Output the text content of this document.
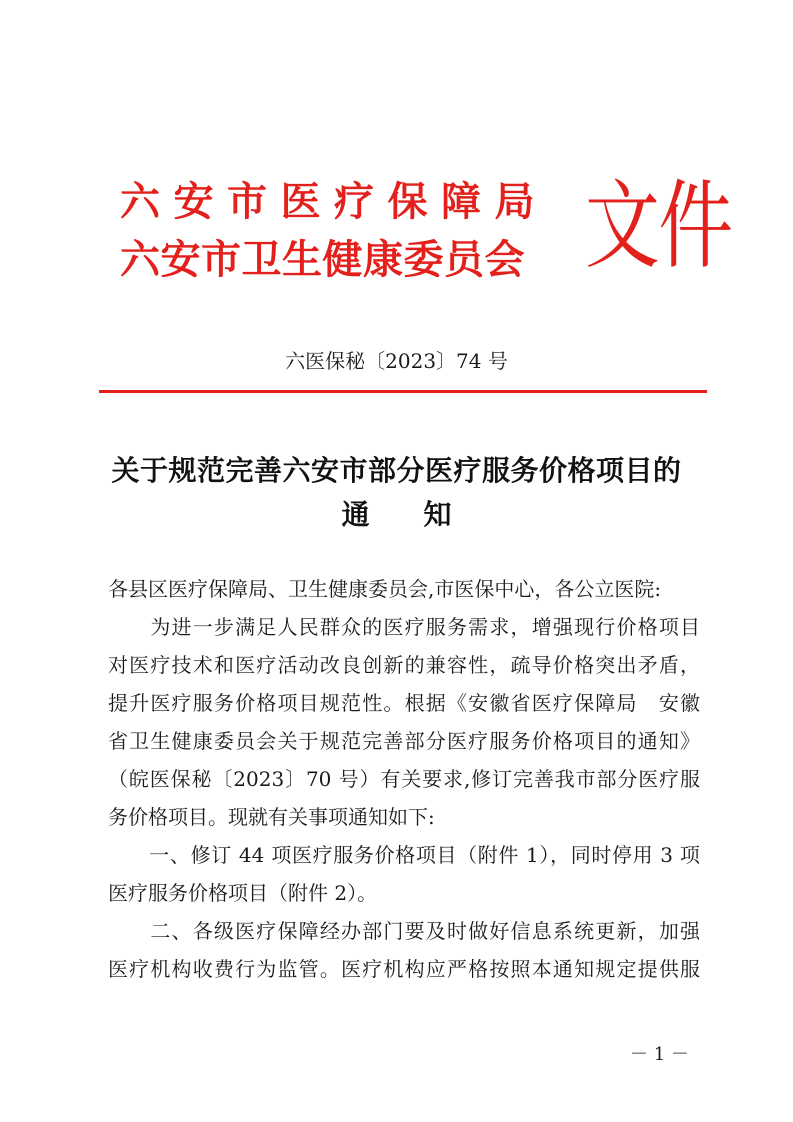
六安市医疗保障局
六安市卫生健康委员会 文件
六医保秘〔2023〕74 号
关于规范完善六安市部分医疗服务价格项目的
通知
各县区医疗保障局、卫生健康委员会,市医保中心，各公立医院:
　　为进一步满足人民群众的医疗服务需求，增强现行价格项目
对医疗技术和医疗活动改良创新的兼容性，疏导价格突出矛盾，
提升医疗服务价格项目规范性。根据《安徽省医疗保障局　安徽
省卫生健康委员会关于规范完善部分医疗服务价格项目的通知》
（皖医保秘〔2023〕70 号）有关要求,修订完善我市部分医疗服
务价格项目。现就有关事项通知如下:
　　一、修订 44 项医疗服务价格项目（附件 1），同时停用 3 项
医疗服务价格项目（附件 2）。
　　二、各级医疗保障经办部门要及时做好信息系统更新，加强
医疗机构收费行为监管。医疗机构应严格按照本通知规定提供服
－ 1 －
